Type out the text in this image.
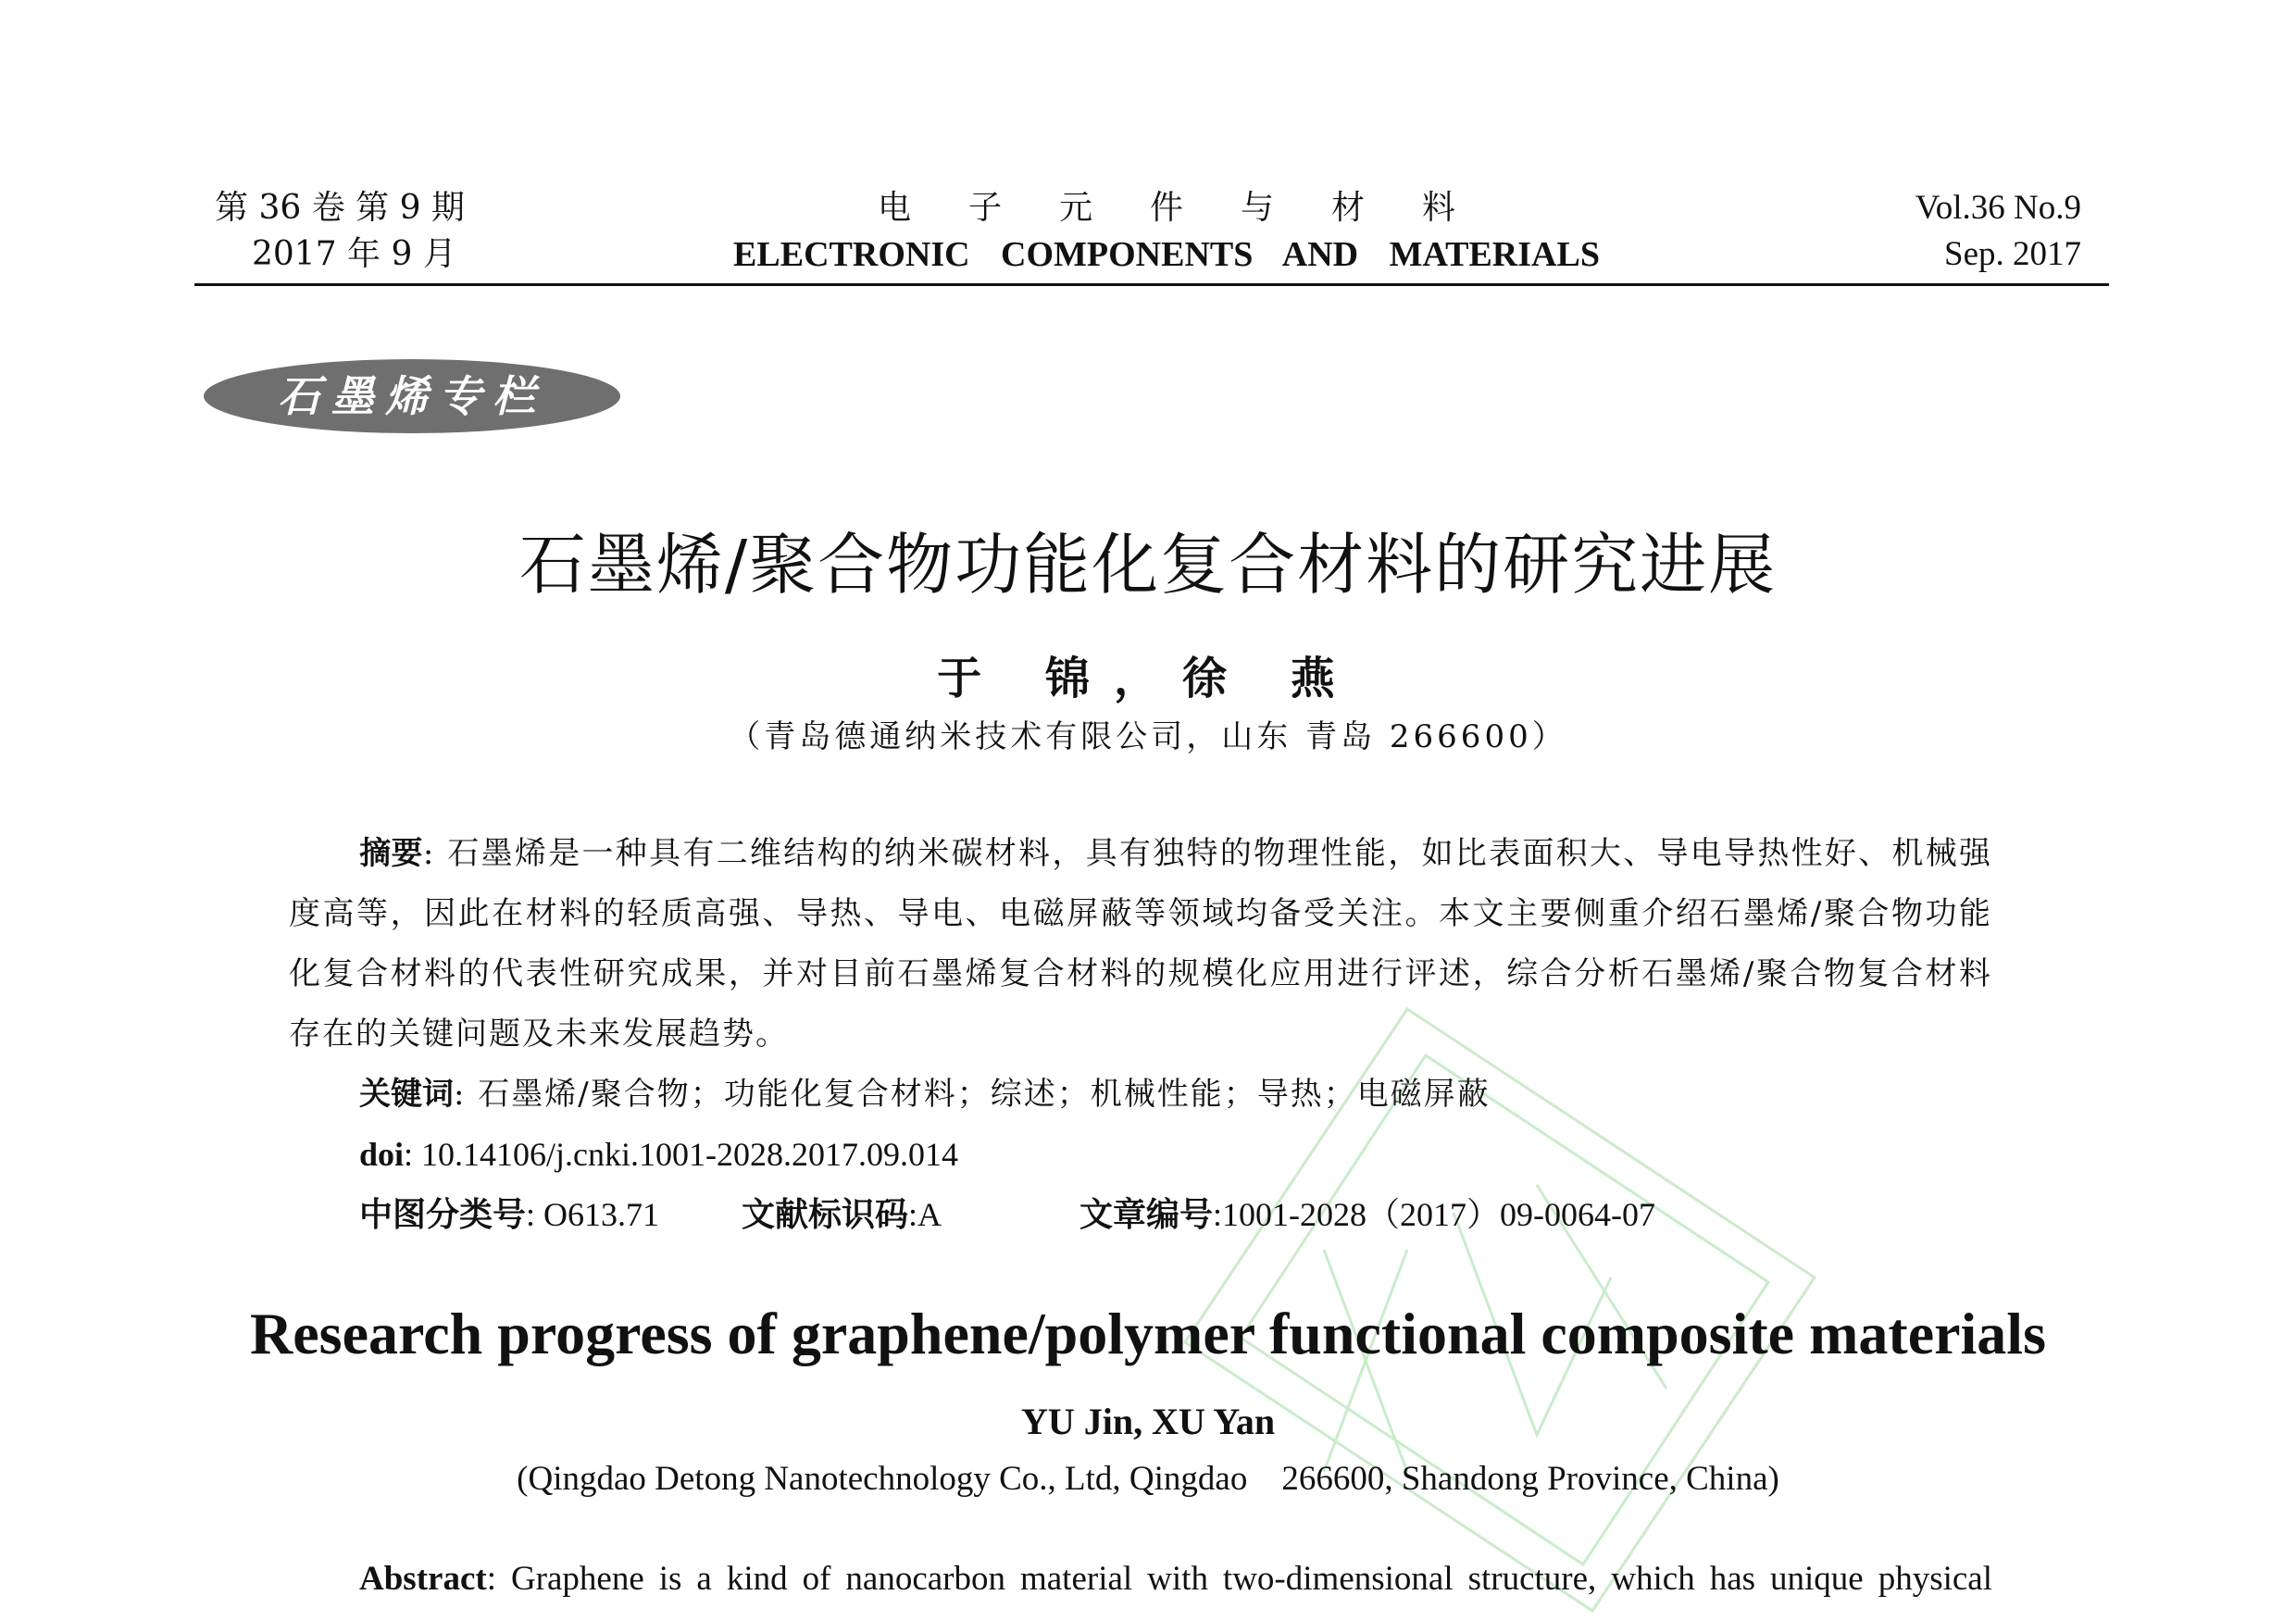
第 36 卷 第 9 期
2017 年 9 月
电子元件与材料
ELECTRONIC COMPONENTS AND MATERIALS
Vol.36 No.9
Sep. 2017
石墨烯专栏
石墨烯/聚合物功能化复合材料的研究进展
于 锦，徐 燕
（青岛德通纳米技术有限公司，山东 青岛 266600）
摘要: 石墨烯是一种具有二维结构的纳米碳材料，具有独特的物理性能，如比表面积大、导电导热性好、机械强度高等，因此在材料的轻质高强、导热、导电、电磁屏蔽等领域均备受关注。本文主要侧重介绍石墨烯/聚合物功能化复合材料的代表性研究成果，并对目前石墨烯复合材料的规模化应用进行评述，综合分析石墨烯/聚合物复合材料存在的关键问题及未来发展趋势。
关键词: 石墨烯/聚合物；功能化复合材料；综述；机械性能；导热；电磁屏蔽
doi: 10.14106/j.cnki.1001-2028.2017.09.014
中图分类号: O613.71 文献标识码:A	文章编号:1001-2028（2017）09-0064-07
Research progress of graphene/polymer functional composite materials
YU Jin, XU Yan
(Qingdao Detong Nanotechnology Co., Ltd, Qingdao    266600, Shandong Province, China)
Abstract: Graphene is a kind of nanocarbon material with two-dimensional structure, which has unique physical
